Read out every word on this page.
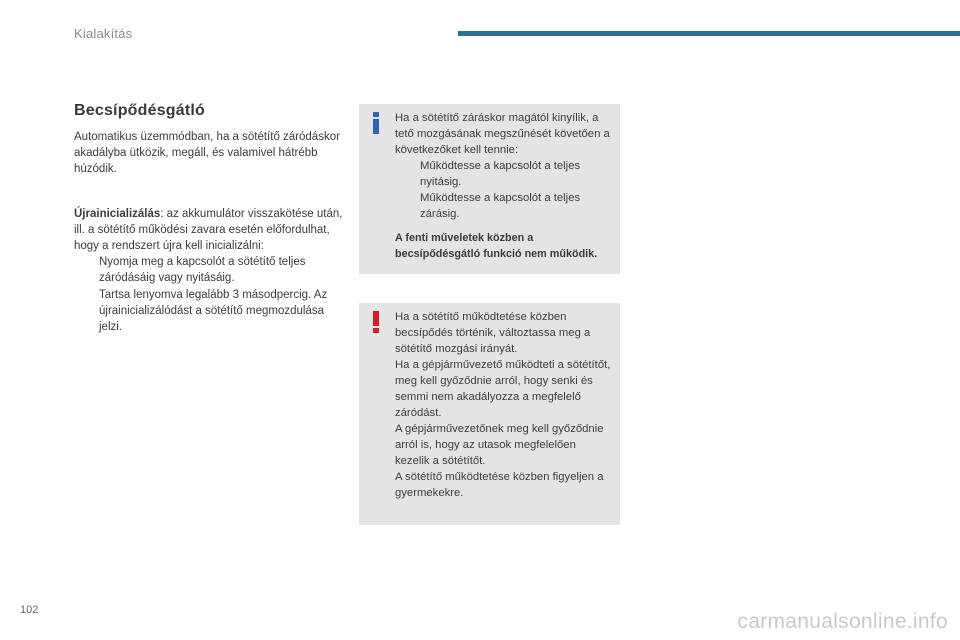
Kialakítás
Becsípődésgátló

Automatikus üzemmódban, ha a sötétítő záródáskor akadályba ütközik, megáll, és valamivel hátrébb húzódik.

Újrainicializálás: az akkumulátor visszakötése után, ill. a sötétítő működési zavara esetén előfordulhat, hogy a rendszert újra kell inicializálni:

Nyomja meg a kapcsolót a sötétítő teljes záródásáig vagy nyitásáig.
Tartsa lenyomva legalább 3 másodpercig. Az újrainicializálódást a sötétítő megmozdulása jelzi.

Ha a sötétítő záráskor magától kinyílik, a tető mozgásának megszűnését követően a következőket kell tennie:

Működtesse a kapcsolót a teljes nyitásig.
Működtesse a kapcsolót a teljes zárásig.

A fenti műveletek közben a becsípődésgátló funkció nem működik.

Ha a sötétítő működtetése közben becsípődés történik, változtassa meg a sötétítő mozgási irányát.

Ha a gépjárművezető működteti a sötétítőt, meg kell győződnie arról, hogy senki és semmi nem akadályozza a megfelelő záródást.

A gépjárművezetőnek meg kell győződnie arról is, hogy az utasok megfelelően kezelik a sötétítőt.

A sötétítő működtetése közben figyeljen a gyermekekre.

102	carmanualsonline.info
